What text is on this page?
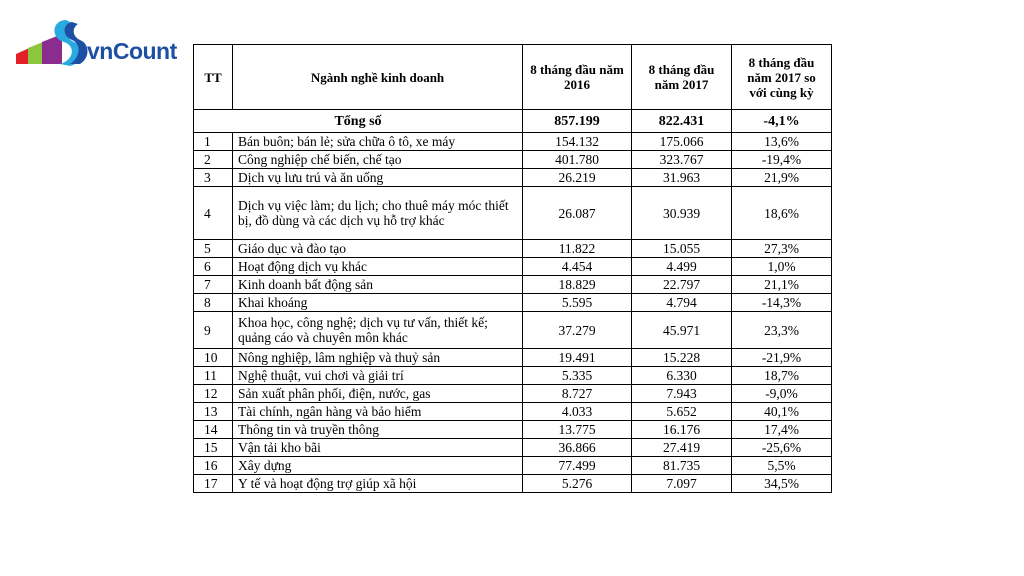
vnCount
TT	Ngành nghề kinh doanh	8 tháng đầu năm 2016	8 tháng đầu năm 2017	8 tháng đầu năm 2017 so với cùng kỳ
Tổng số		857.199	822.431	-4,1%
1	Bán buôn; bán lẻ; sửa chữa ô tô, xe máy	154.132	175.066	13,6%
2	Công nghiệp chế biến, chế tạo	401.780	323.767	-19,4%
3	Dịch vụ lưu trú và ăn uống	26.219	31.963	21,9%
4	Dịch vụ việc làm; du lịch; cho thuê máy móc thiết bị, đồ dùng và các dịch vụ hỗ trợ khác	26.087	30.939	18,6%
5	Giáo dục và đào tạo	11.822	15.055	27,3%
6	Hoạt động dịch vụ khác	4.454	4.499	1,0%
7	Kinh doanh bất động sản	18.829	22.797	21,1%
8	Khai khoáng	5.595	4.794	-14,3%
9	Khoa học, công nghệ; dịch vụ tư vấn, thiết kế; quảng cáo và chuyên môn khác	37.279	45.971	23,3%
10	Nông nghiệp, lâm nghiệp và thuỷ sản	19.491	15.228	-21,9%
11	Nghệ thuật, vui chơi và giải trí	5.335	6.330	18,7%
12	Sản xuất phân phối, điện, nước, gas	8.727	7.943	-9,0%
13	Tài chính, ngân hàng và bảo hiểm	4.033	5.652	40,1%
14	Thông tin và truyền thông	13.775	16.176	17,4%
15	Vận tải kho bãi	36.866	27.419	-25,6%
16	Xây dựng	77.499	81.735	5,5%
17	Y tế và hoạt động trợ giúp xã hội	5.276	7.097	34,5%
